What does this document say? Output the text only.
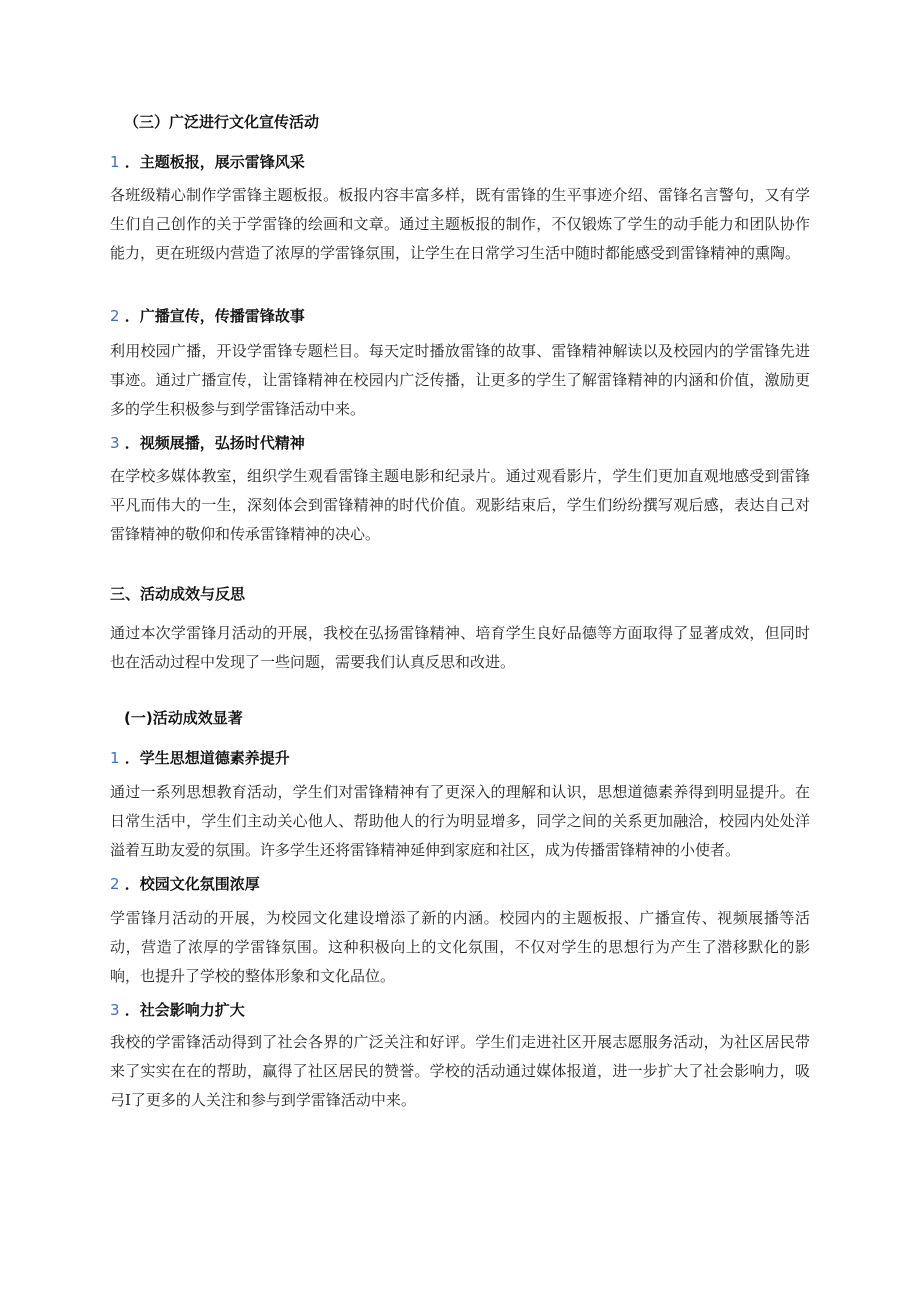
（三）广泛进行文化宣传活动
1 ．主题板报，展示雷锋风采
各班级精心制作学雷锋主题板报。板报内容丰富多样，既有雷锋的生平事迹介绍、雷锋名言警句，又有学生们自己创作的关于学雷锋的绘画和文章。通过主题板报的制作，不仅锻炼了学生的动手能力和团队协作能力，更在班级内营造了浓厚的学雷锋氛围，让学生在日常学习生活中随时都能感受到雷锋精神的熏陶。
2 ．广播宣传，传播雷锋故事
利用校园广播，开设学雷锋专题栏目。每天定时播放雷锋的故事、雷锋精神解读以及校园内的学雷锋先进事迹。通过广播宣传，让雷锋精神在校园内广泛传播，让更多的学生了解雷锋精神的内涵和价值，激励更多的学生积极参与到学雷锋活动中来。
3 ．视频展播，弘扬时代精神
在学校多媒体教室，组织学生观看雷锋主题电影和纪录片。通过观看影片，学生们更加直观地感受到雷锋平凡而伟大的一生，深刻体会到雷锋精神的时代价值。观影结束后，学生们纷纷撰写观后感，表达自己对雷锋精神的敬仰和传承雷锋精神的决心。
三、活动成效与反思
通过本次学雷锋月活动的开展，我校在弘扬雷锋精神、培育学生良好品德等方面取得了显著成效，但同时也在活动过程中发现了一些问题，需要我们认真反思和改进。
(一)活动成效显著
1 ．学生思想道德素养提升
通过一系列思想教育活动，学生们对雷锋精神有了更深入的理解和认识，思想道德素养得到明显提升。在日常生活中，学生们主动关心他人、帮助他人的行为明显增多，同学之间的关系更加融洽，校园内处处洋溢着互助友爱的氛围。许多学生还将雷锋精神延伸到家庭和社区，成为传播雷锋精神的小使者。
2 ．校园文化氛围浓厚
学雷锋月活动的开展，为校园文化建设增添了新的内涵。校园内的主题板报、广播宣传、视频展播等活动，营造了浓厚的学雷锋氛围。这种积极向上的文化氛围，不仅对学生的思想行为产生了潜移默化的影响，也提升了学校的整体形象和文化品位。
3 ．社会影响力扩大
我校的学雷锋活动得到了社会各界的广泛关注和好评。学生们走进社区开展志愿服务活动，为社区居民带来了实实在在的帮助，赢得了社区居民的赞誉。学校的活动通过媒体报道，进一步扩大了社会影响力，吸弓I了更多的人关注和参与到学雷锋活动中来。
